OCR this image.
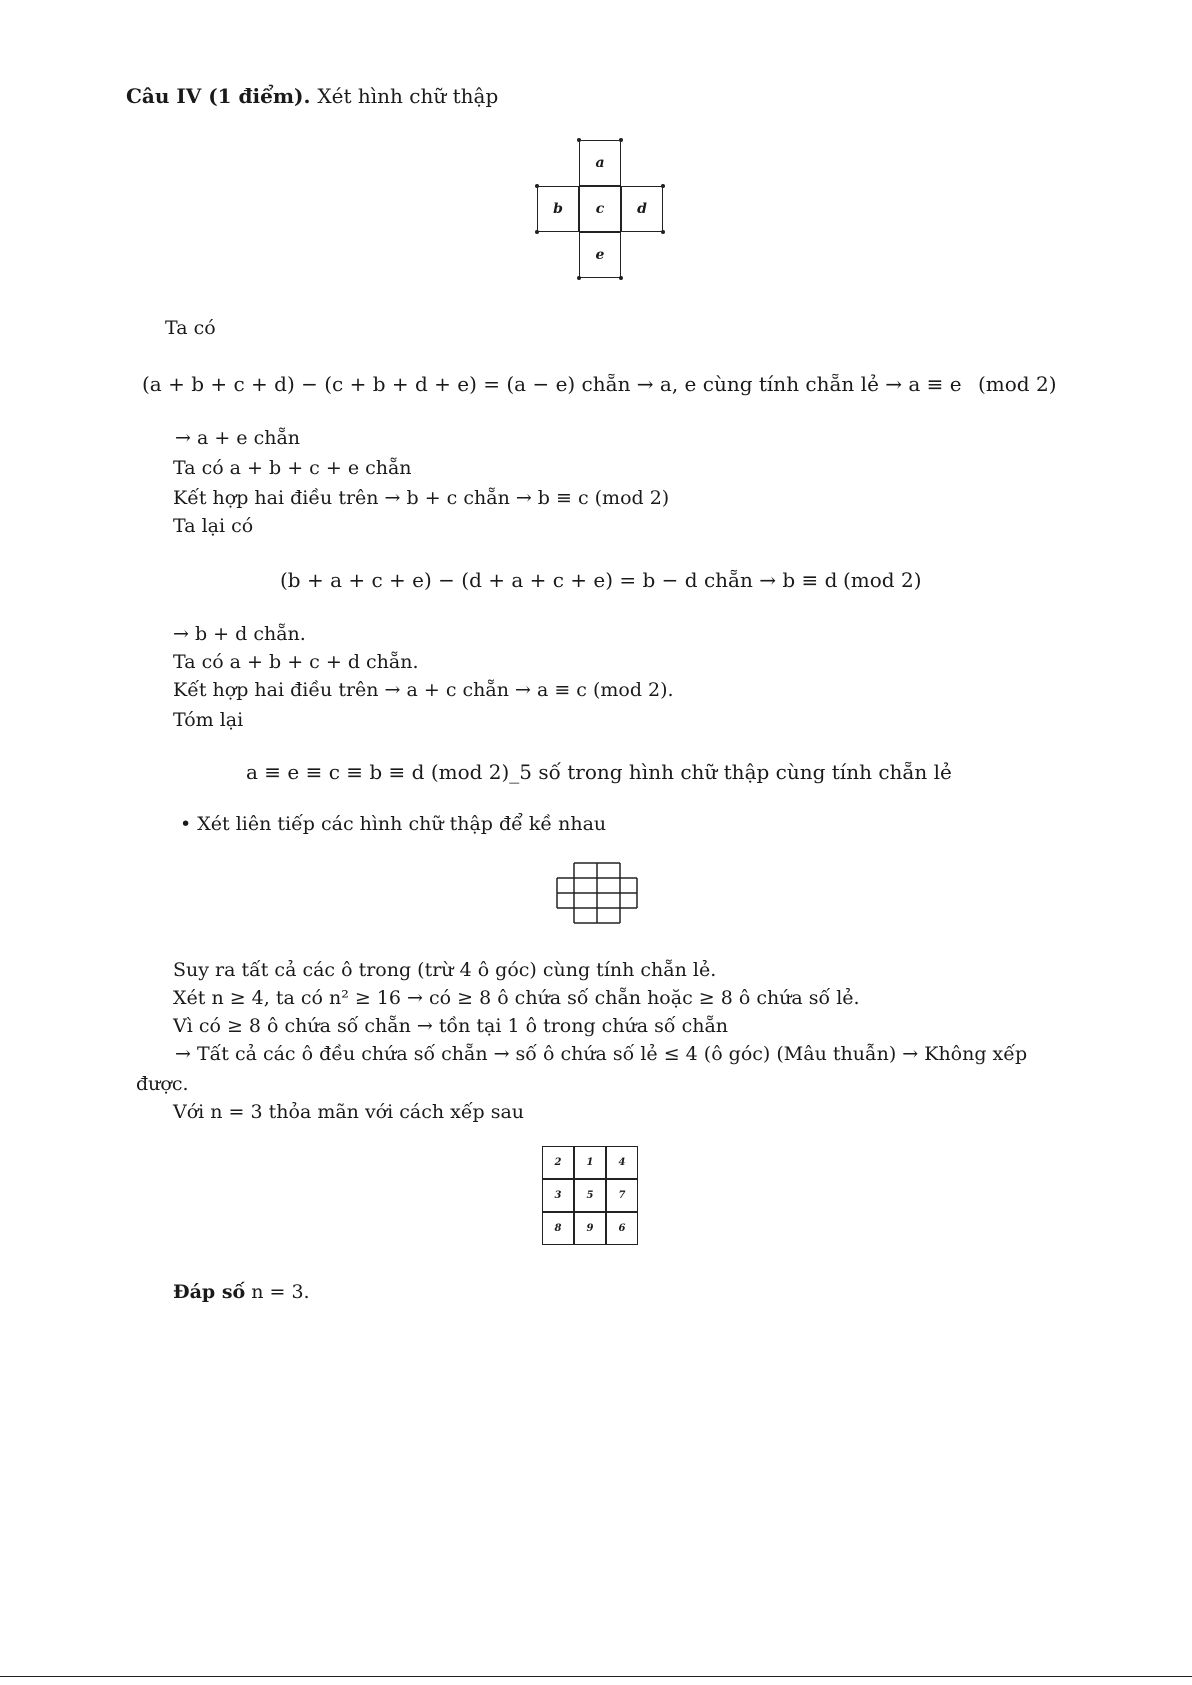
Câu IV (1 điểm). Xét hình chữ thập
a
b c d
e
Ta có
(a + b + c + d) − (c + b + d + e) = (a − e) chẵn → a, e cùng tính chẵn lẻ → a ≡ e (mod 2)
→ a + e chẵn
Ta có a + b + c + e chẵn
Kết hợp hai điều trên → b + c chẵn → b ≡ c (mod 2)
Ta lại có
(b + a + c + e) − (d + a + c + e) = b − d chẵn → b ≡ d (mod 2)
→ b + d chẵn.
Ta có a + b + c + d chẵn.
Kết hợp hai điều trên → a + c chẵn → a ≡ c (mod 2).
Tóm lại
a ≡ e ≡ c ≡ b ≡ d (mod 2)_5 số trong hình chữ thập cùng tính chẵn lẻ
• Xét liên tiếp các hình chữ thập để kề nhau
Suy ra tất cả các ô trong (trừ 4 ô góc) cùng tính chẵn lẻ.
Xét n ≥ 4, ta có n² ≥ 16 → có ≥ 8 ô chứa số chẵn hoặc ≥ 8 ô chứa số lẻ.
Vì có ≥ 8 ô chứa số chẵn → tồn tại 1 ô trong chứa số chẵn
→ Tất cả các ô đều chứa số chẵn → số ô chứa số lẻ ≤ 4 (ô góc) (Mâu thuẫn) → Không xếp
được.
Với n = 3 thỏa mãn với cách xếp sau
2	1	4
3	5	7
8	9	6
Đáp số n = 3.
